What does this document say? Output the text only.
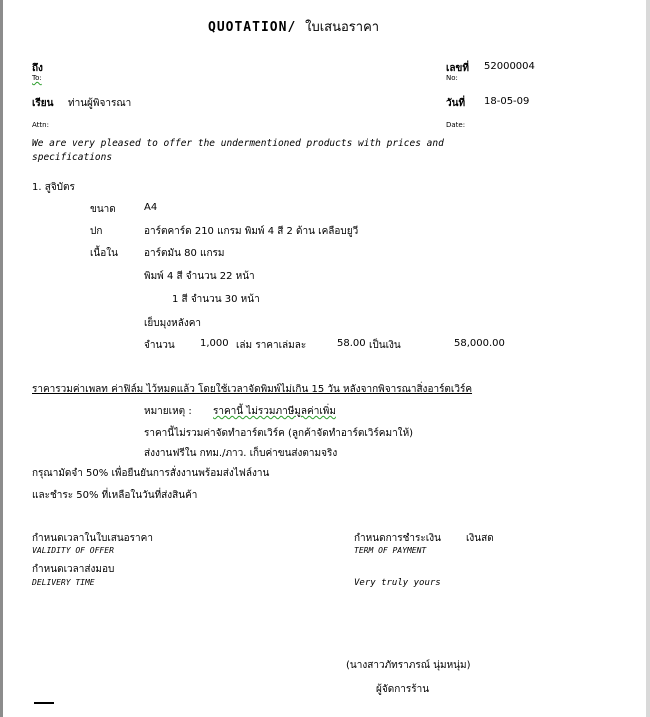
QUOTATION/ ใบเสนอราคา
ถึง
To:
เรียน ท่านผู้พิจารณา
Attn:
เลขที่ 52000004
No:
วันที่ 18-05-09
Date:
We are very pleased to offer the undermentioned products with prices and
specifications
1. สูจิบัตร
ขนาด	A4
ปก	อาร์ตคาร์ด 210 แกรม พิมพ์ 4 สี 2 ด้าน เคลือบยูวี
เนื้อใน	อาร์ตมัน 80 แกรม
พิมพ์ 4 สี จำนวน 22 หน้า
1 สี จำนวน 30 หน้า
เย็บมุงหลังคา
จำนวน	1,000 เล่ม ราคาเล่มละ	58.00 เป็นเงิน	58,000.00
ราคารวมค่าเพลท ค่าฟิล์ม ไว้หมดแล้ว โดยใช้เวลาจัดพิมพ์ไม่เกิน 15 วัน หลังจากพิจารณาสิ่งอาร์ตเวิร์ค
หมายเหตุ : ราคานี้ ไม่รวมภาษีมูลค่าเพิ่ม
ราคานี้ไม่รวมค่าจัดทำอาร์ตเวิร์ค (ลูกค้าจัดทำอาร์ตเวิร์คมาให้)
ส่งงานฟรีใน กทม./ภาว. เก็บค่าขนส่งตามจริง
กรุณามัดจำ 50% เพื่อยืนยันการสั่งงานพร้อมส่งไฟล์งาน
และชำระ 50% ที่เหลือในวันที่ส่งสินค้า
กำหนดเวลาในใบเสนอราคา
VALIDITY OF OFFER
กำหนดเวลาส่งมอบ
DELIVERY TIME
กำหนดการชำระเงิน	เงินสด
TERM OF PAYMENT
Very truly yours
(นางสาวภัทราภรณ์ นุ่มหนุ่ม)
ผู้จัดการร้าน
